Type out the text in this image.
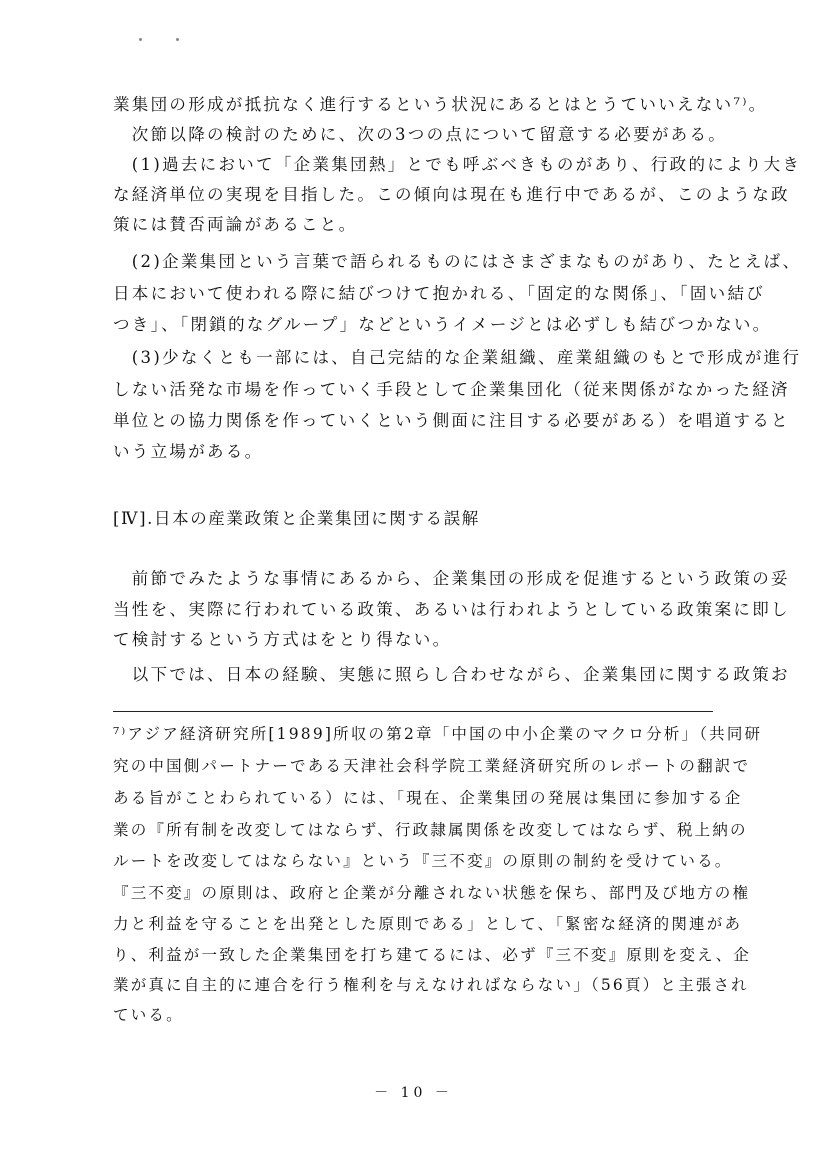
業集団の形成が抵抗なく進行するという状況にあるとはとうていいえない⁷⁾。
　次節以降の検討のために、次の3つの点について留意する必要がある。
　(1)過去において「企業集団熱」とでも呼ぶべきものがあり、行政的により大き
な経済単位の実現を目指した。この傾向は現在も進行中であるが、このような政
策には賛否両論があること。
　(2)企業集団という言葉で語られるものにはさまざまなものがあり、たとえば、
日本において使われる際に結びつけて抱かれる、「固定的な関係」、「固い結び
つき」、「閉鎖的なグループ」などというイメージとは必ずしも結びつかない。
　(3)少なくとも一部には、自己完結的な企業組織、産業組織のもとで形成が進行
しない活発な市場を作っていく手段として企業集団化（従来関係がなかった経済
単位との協力関係を作っていくという側面に注目する必要がある）を唱道すると
いう立場がある。
[Ⅳ].日本の産業政策と企業集団に関する誤解
　前節でみたような事情にあるから、企業集団の形成を促進するという政策の妥
当性を、実際に行われている政策、あるいは行われようとしている政策案に即し
て検討するという方式はをとり得ない。
　以下では、日本の経験、実態に照らし合わせながら、企業集団に関する政策お
⁷⁾アジア経済研究所[1989]所収の第2章「中国の中小企業のマクロ分析」（共同研
究の中国側パートナーである天津社会科学院工業経済研究所のレポートの翻訳で
ある旨がことわられている）には、「現在、企業集団の発展は集団に参加する企
業の『所有制を改変してはならず、行政隷属関係を改変してはならず、税上納の
ルートを改変してはならない』という『三不変』の原則の制約を受けている。
『三不変』の原則は、政府と企業が分離されない状態を保ち、部門及び地方の権
力と利益を守ることを出発とした原則である」として、「緊密な経済的関連があ
り、利益が一致した企業集団を打ち建てるには、必ず『三不変』原則を変え、企
業が真に自主的に連合を行う権利を与えなければならない」（56頁）と主張され
ている。
－ 10 －
